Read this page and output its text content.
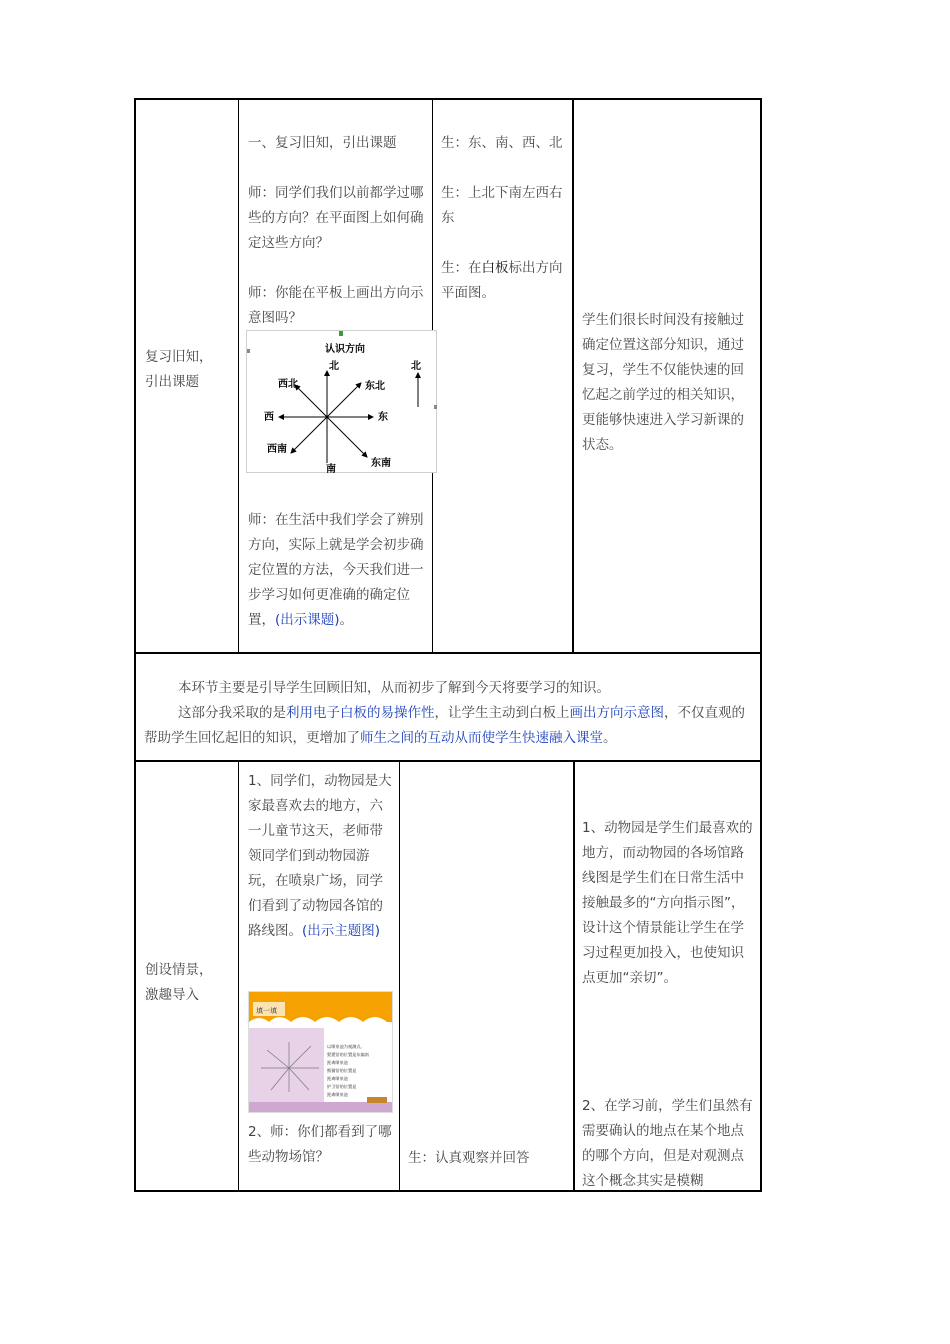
复习旧知，
引出课题

一、复习旧知，引出课题

师：同学们我们以前都学过哪些的方向？在平面图上如何确定这些方向？

师：你能在平板上画出方向示意图吗？

认识方向
北
东北
西北
西	东
西南
东南
南
北

师：在生活中我们学会了辨别方向，实际上就是学会初步确定位置的方法，今天我们进一步学习如何更准确的确定位置，(出示课题)。

生：东、南、西、北

生：上北下南左西右东

生：在白板标出方向平面图。

学生们很长时间没有接触过确定位置这部分知识，通过复习，学生不仅能快速的回忆起之前学过的相关知识，更能够快速进入学习新课的状态。

本环节主要是引导学生回顾旧知，从而初步了解到今天将要学习的知识。

这部分我采取的是利用电子白板的易操作性，让学生主动到白板上画出方向示意图，不仅直观的帮助学生回忆起旧的知识，更增加了师生之间的互动从而使学生快速融入课堂。

创设情景，
激趣导入

1、同学们，动物园是大家最喜欢去的地方，六一儿童节这天，老师带领同学们到动物园游玩，在喷泉广场，同学们看到了动物园各馆的路线图。(出示主题图)

填一填
以喷泉池为观测点。
猩猩馆的位置是东偏南
距离喷泉池
熊猫馆的位置是
距离喷泉池
护卫馆的位置是
距离喷泉池

2、师：你们都看到了哪些动物场馆？	生：认真观察并回答

1、动物园是学生们最喜欢的地方，而动物园的各场馆路线图是学生们在日常生活中接触最多的“方向指示图”，设计这个情景能让学生在学习过程更加投入，也使知识点更加“亲切”。

2、在学习前，学生们虽然有需要确认的地点在某个地点的哪个方向，但是对观测点这个概念其实是模糊
